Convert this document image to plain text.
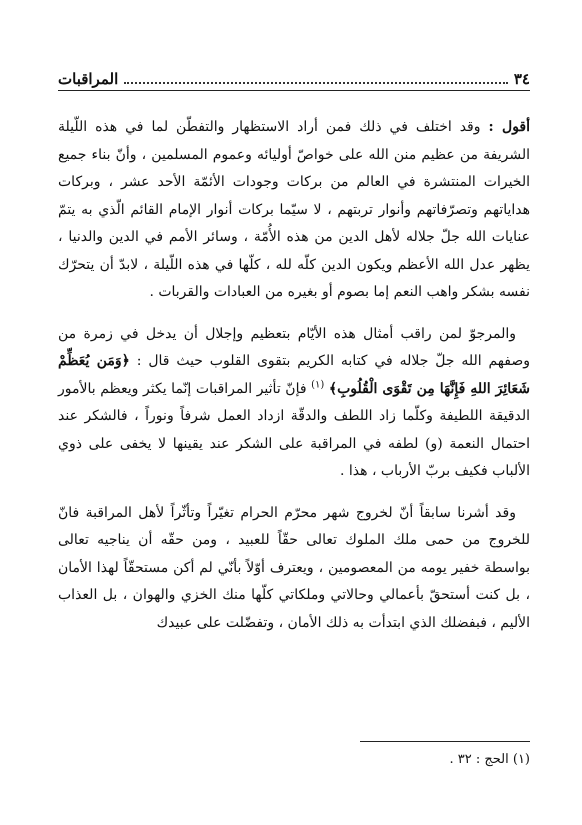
٣٤
المراقبات

أقول : وقد اختلف في ذلك فمن أراد الاستظهار والتفطّن لما في هذه اللّيلة الشريفة من عظيم منن الله على خواصّ أوليائه وعموم المسلمين ، وأنّ بناء جميع الخيرات المنتشرة في العالم من بركات وجودات الأئمّة الأحد عشر ، وبركات هداياتهم وتصرّفاتهم وأنوار تربتهم ، لا سيّما بركات أنوار الإمام القائم الّذي به يتمّ عنايات الله جلّ جلاله لأهل الدين من هذه الأُمّة ، وسائر الأمم في الدين والدنيا ، يظهر عدل الله الأعظم ويكون الدين كلّه لله ، كلّها في هذه اللّيلة ، لابدّ أن يتحرّك نفسه بشكر واهب النعم إما بصوم أو بغيره من العبادات والقربات .

والمرجوّ لمن راقب أمثال هذه الأيّام بتعظيم وإجلال أن يدخل في زمرة من وصفهم الله جلّ جلاله في كتابه الكريم بتقوى القلوب حيث قال : ﴿وَمَن يُعَظِّمْ شَعَائِرَ اللهِ فَإِنَّهَا مِن تَقْوَى الْقُلُوبِ﴾ $^{(١)}$ فإنّ تأثير المراقبات إنّما يكثر ويعظم بالأمور الدقيقة اللطيفة وكلّما زاد اللطف والدقّة ازداد العمل شرفاً ونوراً ، فالشكر عند احتمال النعمة (و) لطفه في المراقبة على الشكر عند يقينها لا يخفى على ذوي الألباب فكيف بربّ الأرباب ، هذا .

وقد أشرنا سابقاً أنّ لخروج شهر محرّم الحرام تغيّراً وتأثّراً لأهل المراقبة فانّ للخروج من حمى ملك الملوك تعالى حقّاً للعبيد ، ومن حقّه أن يناجيه تعالى بواسطة خفير يومه من المعصومين ، ويعترف أوّلاً بأنّي لم أكن مستحقّاً لهذا الأمان ، بل كنت أستحقّ بأعمالي وحالاتي وملكاتي كلّها منك الخزي والهوان ، بل العذاب الأليم ، فبفضلك الذي ابتدأت به ذلك الأمان ، وتفضّلت على عبيدك

(١) الحج : ٣٢ .
